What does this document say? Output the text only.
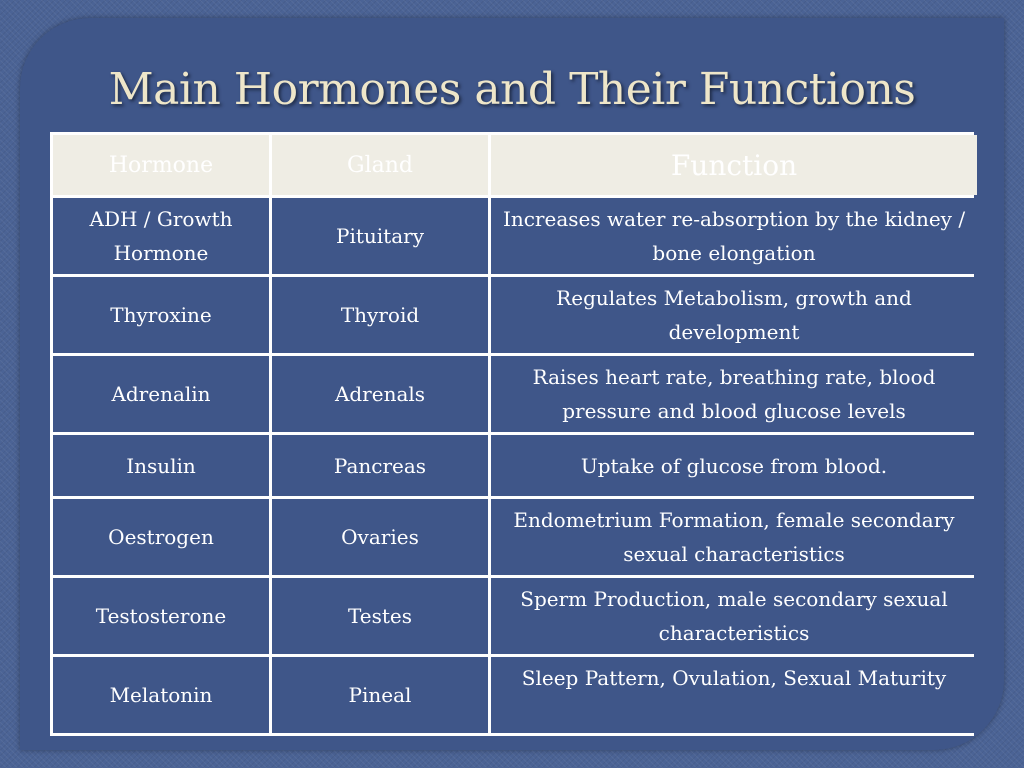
Main Hormones and Their Functions
Hormone	Gland	Function
ADH / Growth Hormone	Pituitary	Increases water re-absorption by the kidney / bone elongation
Thyroxine	Thyroid	Regulates Metabolism, growth and development
Adrenalin	Adrenals	Raises heart rate, breathing rate, blood pressure and blood glucose levels
Insulin	Pancreas	Uptake of glucose from blood.
Oestrogen	Ovaries	Endometrium Formation, female secondary sexual characteristics
Testosterone	Testes	Sperm Production, male secondary sexual characteristics
Melatonin	Pineal	Sleep Pattern, Ovulation, Sexual Maturity
